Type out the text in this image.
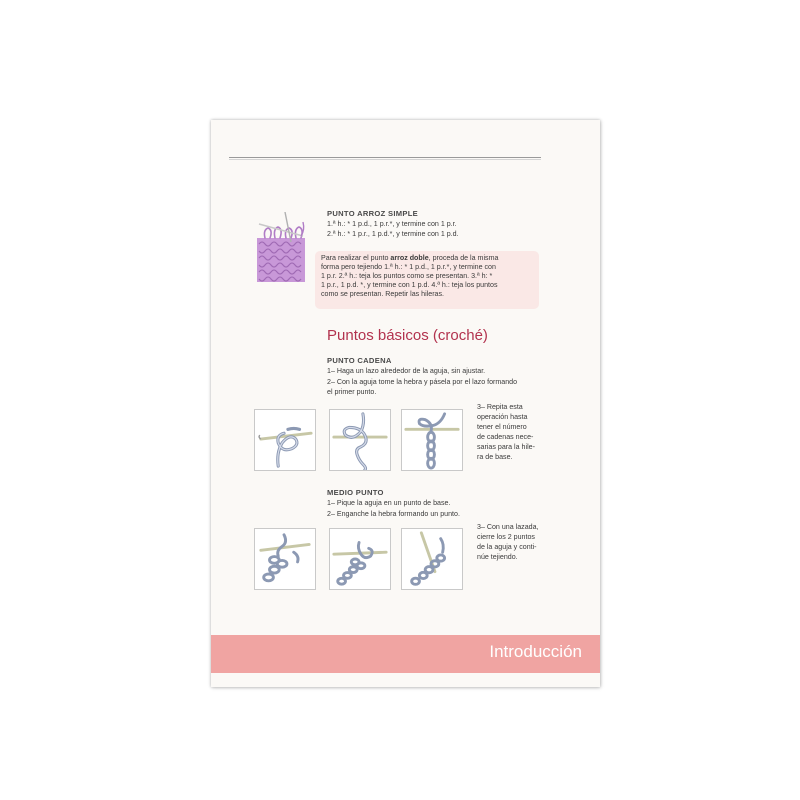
PUNTO ARROZ SIMPLE
1.ª h.: * 1 p.d., 1 p.r.*, y termine con 1 p.r.
2.ª h.: * 1 p.r., 1 p.d.*, y termine con 1 p.d.
Para realizar el punto arroz doble, proceda de la misma
forma pero tejiendo 1.ª h.: * 1 p.d., 1 p.r.*, y termine con
1 p.r. 2.ª h.: teja los puntos como se presentan. 3.ª h: *
1 p.r., 1 p.d. *, y termine con 1 p.d. 4.ª h.: teja los puntos
como se presentan. Repetir las hileras.
Puntos básicos (croché)
PUNTO CADENA
1– Haga un lazo alrededor de la aguja, sin ajustar.
2– Con la aguja tome la hebra y pásela por el lazo formando
el primer punto.
3– Repita esta
operación hasta
tener el número
de cadenas nece-
sarias para la hile-
ra de base.
MEDIO PUNTO
1– Pique la aguja en un punto de base.
2– Enganche la hebra formando un punto.
3– Con una lazada,
cierre los 2 puntos
de la aguja y conti-
núe tejiendo.
Introducción
